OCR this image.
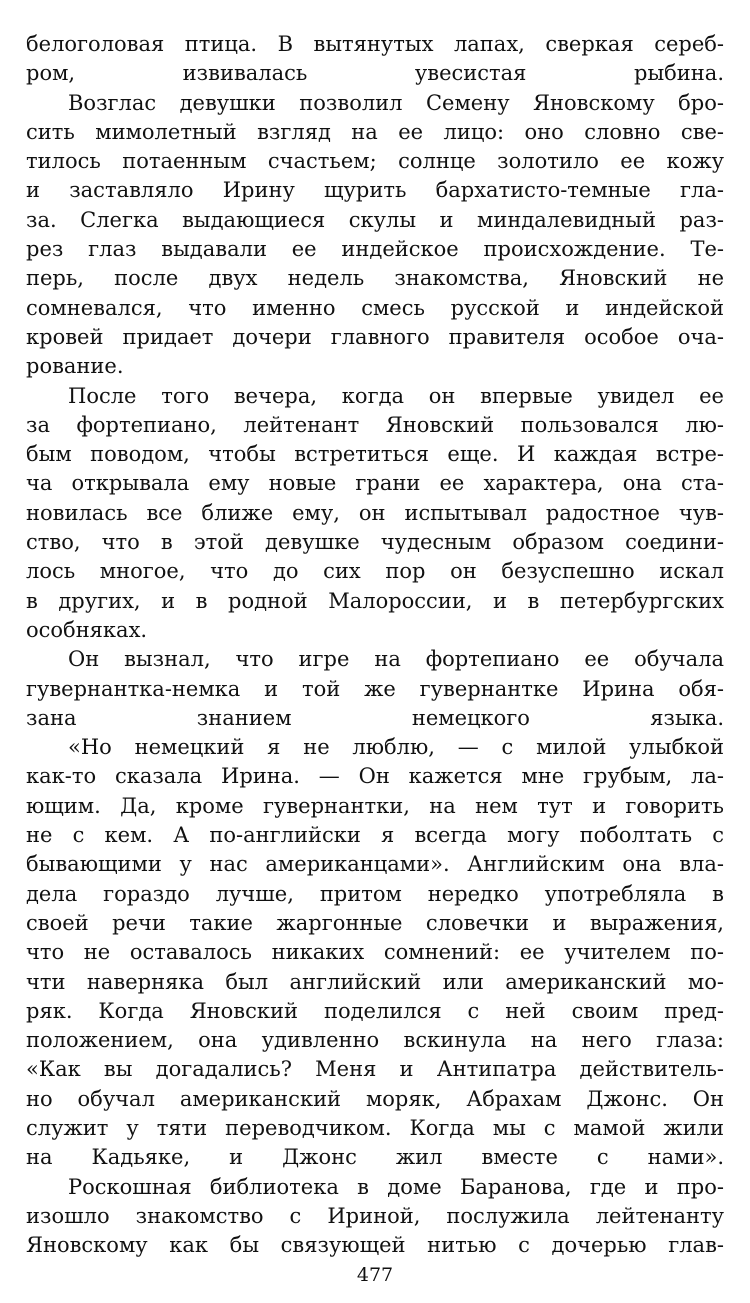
белоголовая птица. В вытянутых лапах, сверкая сереб-
ром, извивалась увесистая рыбина.

Возглас девушки позволил Семену Яновскому бро-
сить мимолетный взгляд на ее лицо: оно словно све-
тилось потаенным счастьем; солнце золотило ее кожу
и заставляло Ирину щурить бархатисто-темные гла-
за. Слегка выдающиеся скулы и миндалевидный раз-
рез глаз выдавали ее индейское происхождение. Те-
перь, после двух недель знакомства, Яновский не
сомневался, что именно смесь русской и индейской
кровей придает дочери главного правителя особое оча-
рование.

После того вечера, когда он впервые увидел ее
за фортепиано, лейтенант Яновский пользовался лю-
бым поводом, чтобы встретиться еще. И каждая встре-
ча открывала ему новые грани ее характера, она ста-
новилась все ближе ему, он испытывал радостное чув-
ство, что в этой девушке чудесным образом соедини-
лось многое, что до сих пор он безуспешно искал
в других, и в родной Малороссии, и в петербургских
особняках.

Он вызнал, что игре на фортепиано ее обучала
гувернантка-немка и той же гувернантке Ирина обя-
зана знанием немецкого языка.

«Но немецкий я не люблю, — с милой улыбкой
как-то сказала Ирина. — Он кажется мне грубым, ла-
ющим. Да, кроме гувернантки, на нем тут и говорить
не с кем. А по-английски я всегда могу поболтать с
бывающими у нас американцами». Английским она вла-
дела гораздо лучше, притом нередко употребляла в
своей речи такие жаргонные словечки и выражения,
что не оставалось никаких сомнений: ее учителем по-
чти наверняка был английский или американский мо-
ряк. Когда Яновский поделился с ней своим пред-
положением, она удивленно вскинула на него глаза:
«Как вы догадались? Меня и Антипатра действитель-
но обучал американский моряк, Абрахам Джонс. Он
служит у тяти переводчиком. Когда мы с мамой жили
на Кадьяке, и Джонс жил вместе с нами».

Роскошная библиотека в доме Баранова, где и про-
изошло знакомство с Ириной, послужила лейтенанту
Яновскому как бы связующей нитью с дочерью глав-

477
